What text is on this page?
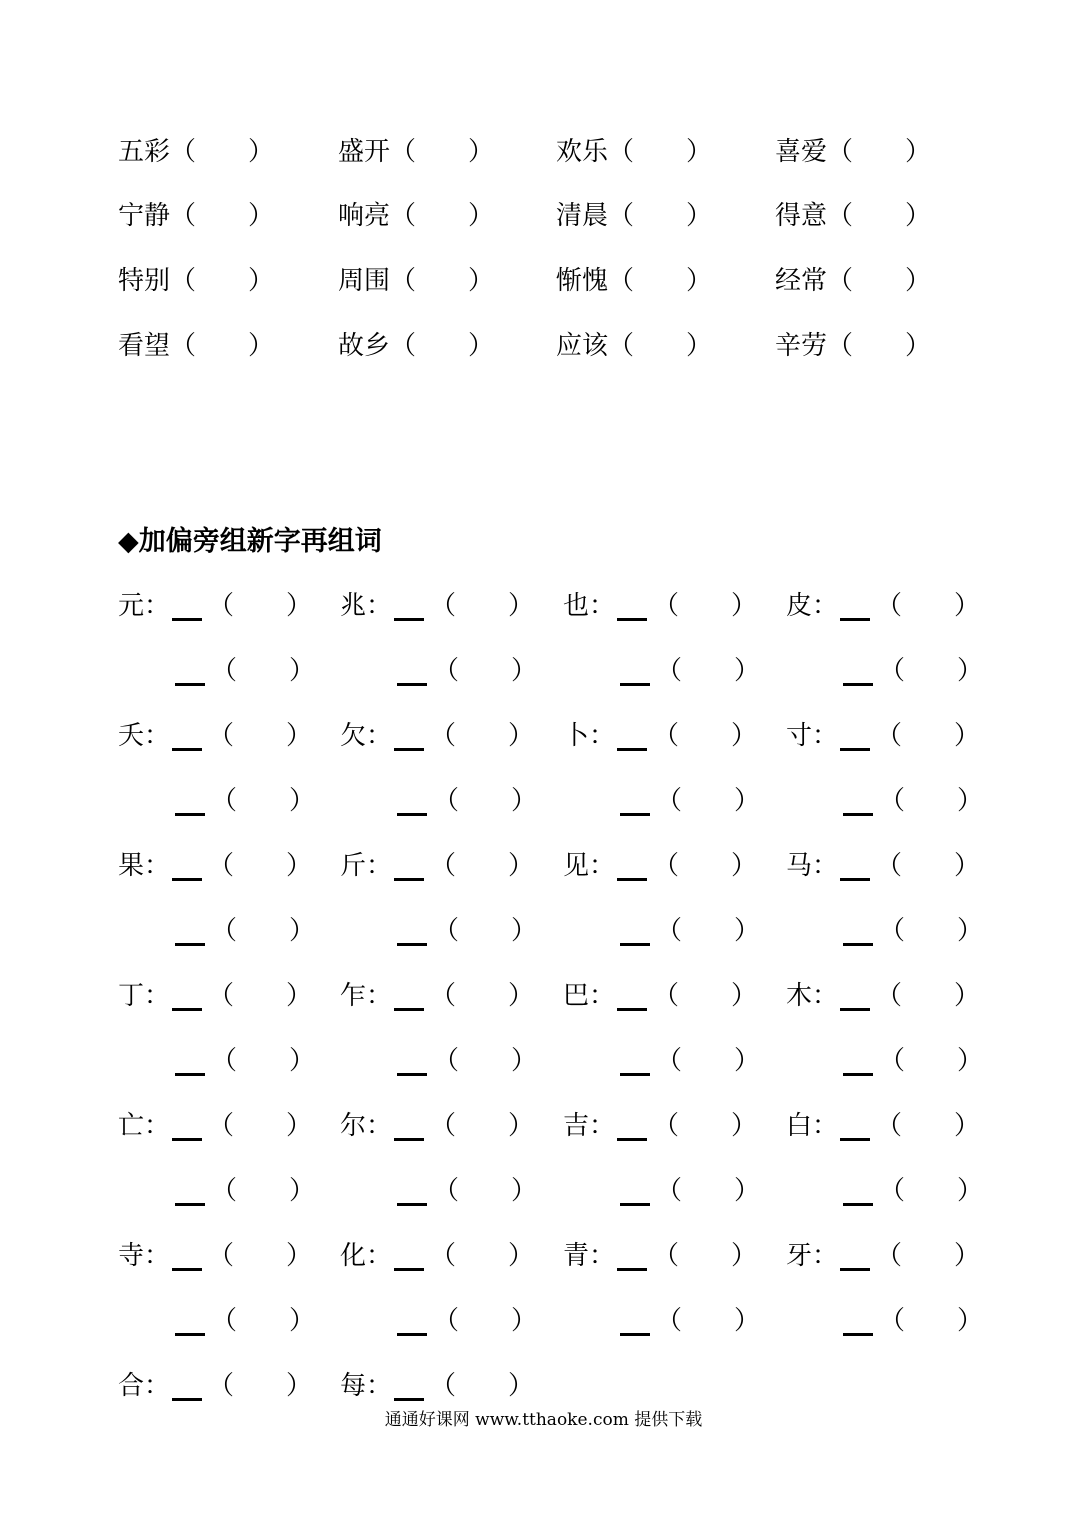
五彩（　　） 盛开（　　） 欢乐（　　） 喜爱（　　）
宁静（　　） 响亮（　　） 清晨（　　） 得意（　　）
特别（　　） 周围（　　） 惭愧（　　） 经常（　　）
看望（　　） 故乡（　　） 应该（　　） 辛劳（　　）
◆加偏旁组新字再组词
元： （　　） 兆： （　　） 也： （　　） 皮： （　　）
（　　）	（　　）	（　　）	（　　）
夭： （　　） 欠： （　　） 卜： （　　） 寸： （　　）
（　　）	（　　）	（　　）	（　　）
果： （　　） 斤： （　　） 见： （　　） 马： （　　）
（　　）	（　　）	（　　）	（　　）
丁： （　　） 乍： （　　） 巴： （　　） 木： （　　）
（　　）	（　　）	（　　）	（　　）
亡： （　　） 尔： （　　） 吉： （　　） 白： （　　）
（　　）	（　　）	（　　）	（　　）
寺： （　　） 化： （　　） 青： （　　） 牙： （　　）
（　　）	（　　）	（　　）	（　　）
合： （　　） 每： （　　）
通通好课网 www.tthaoke.com 提供下载
